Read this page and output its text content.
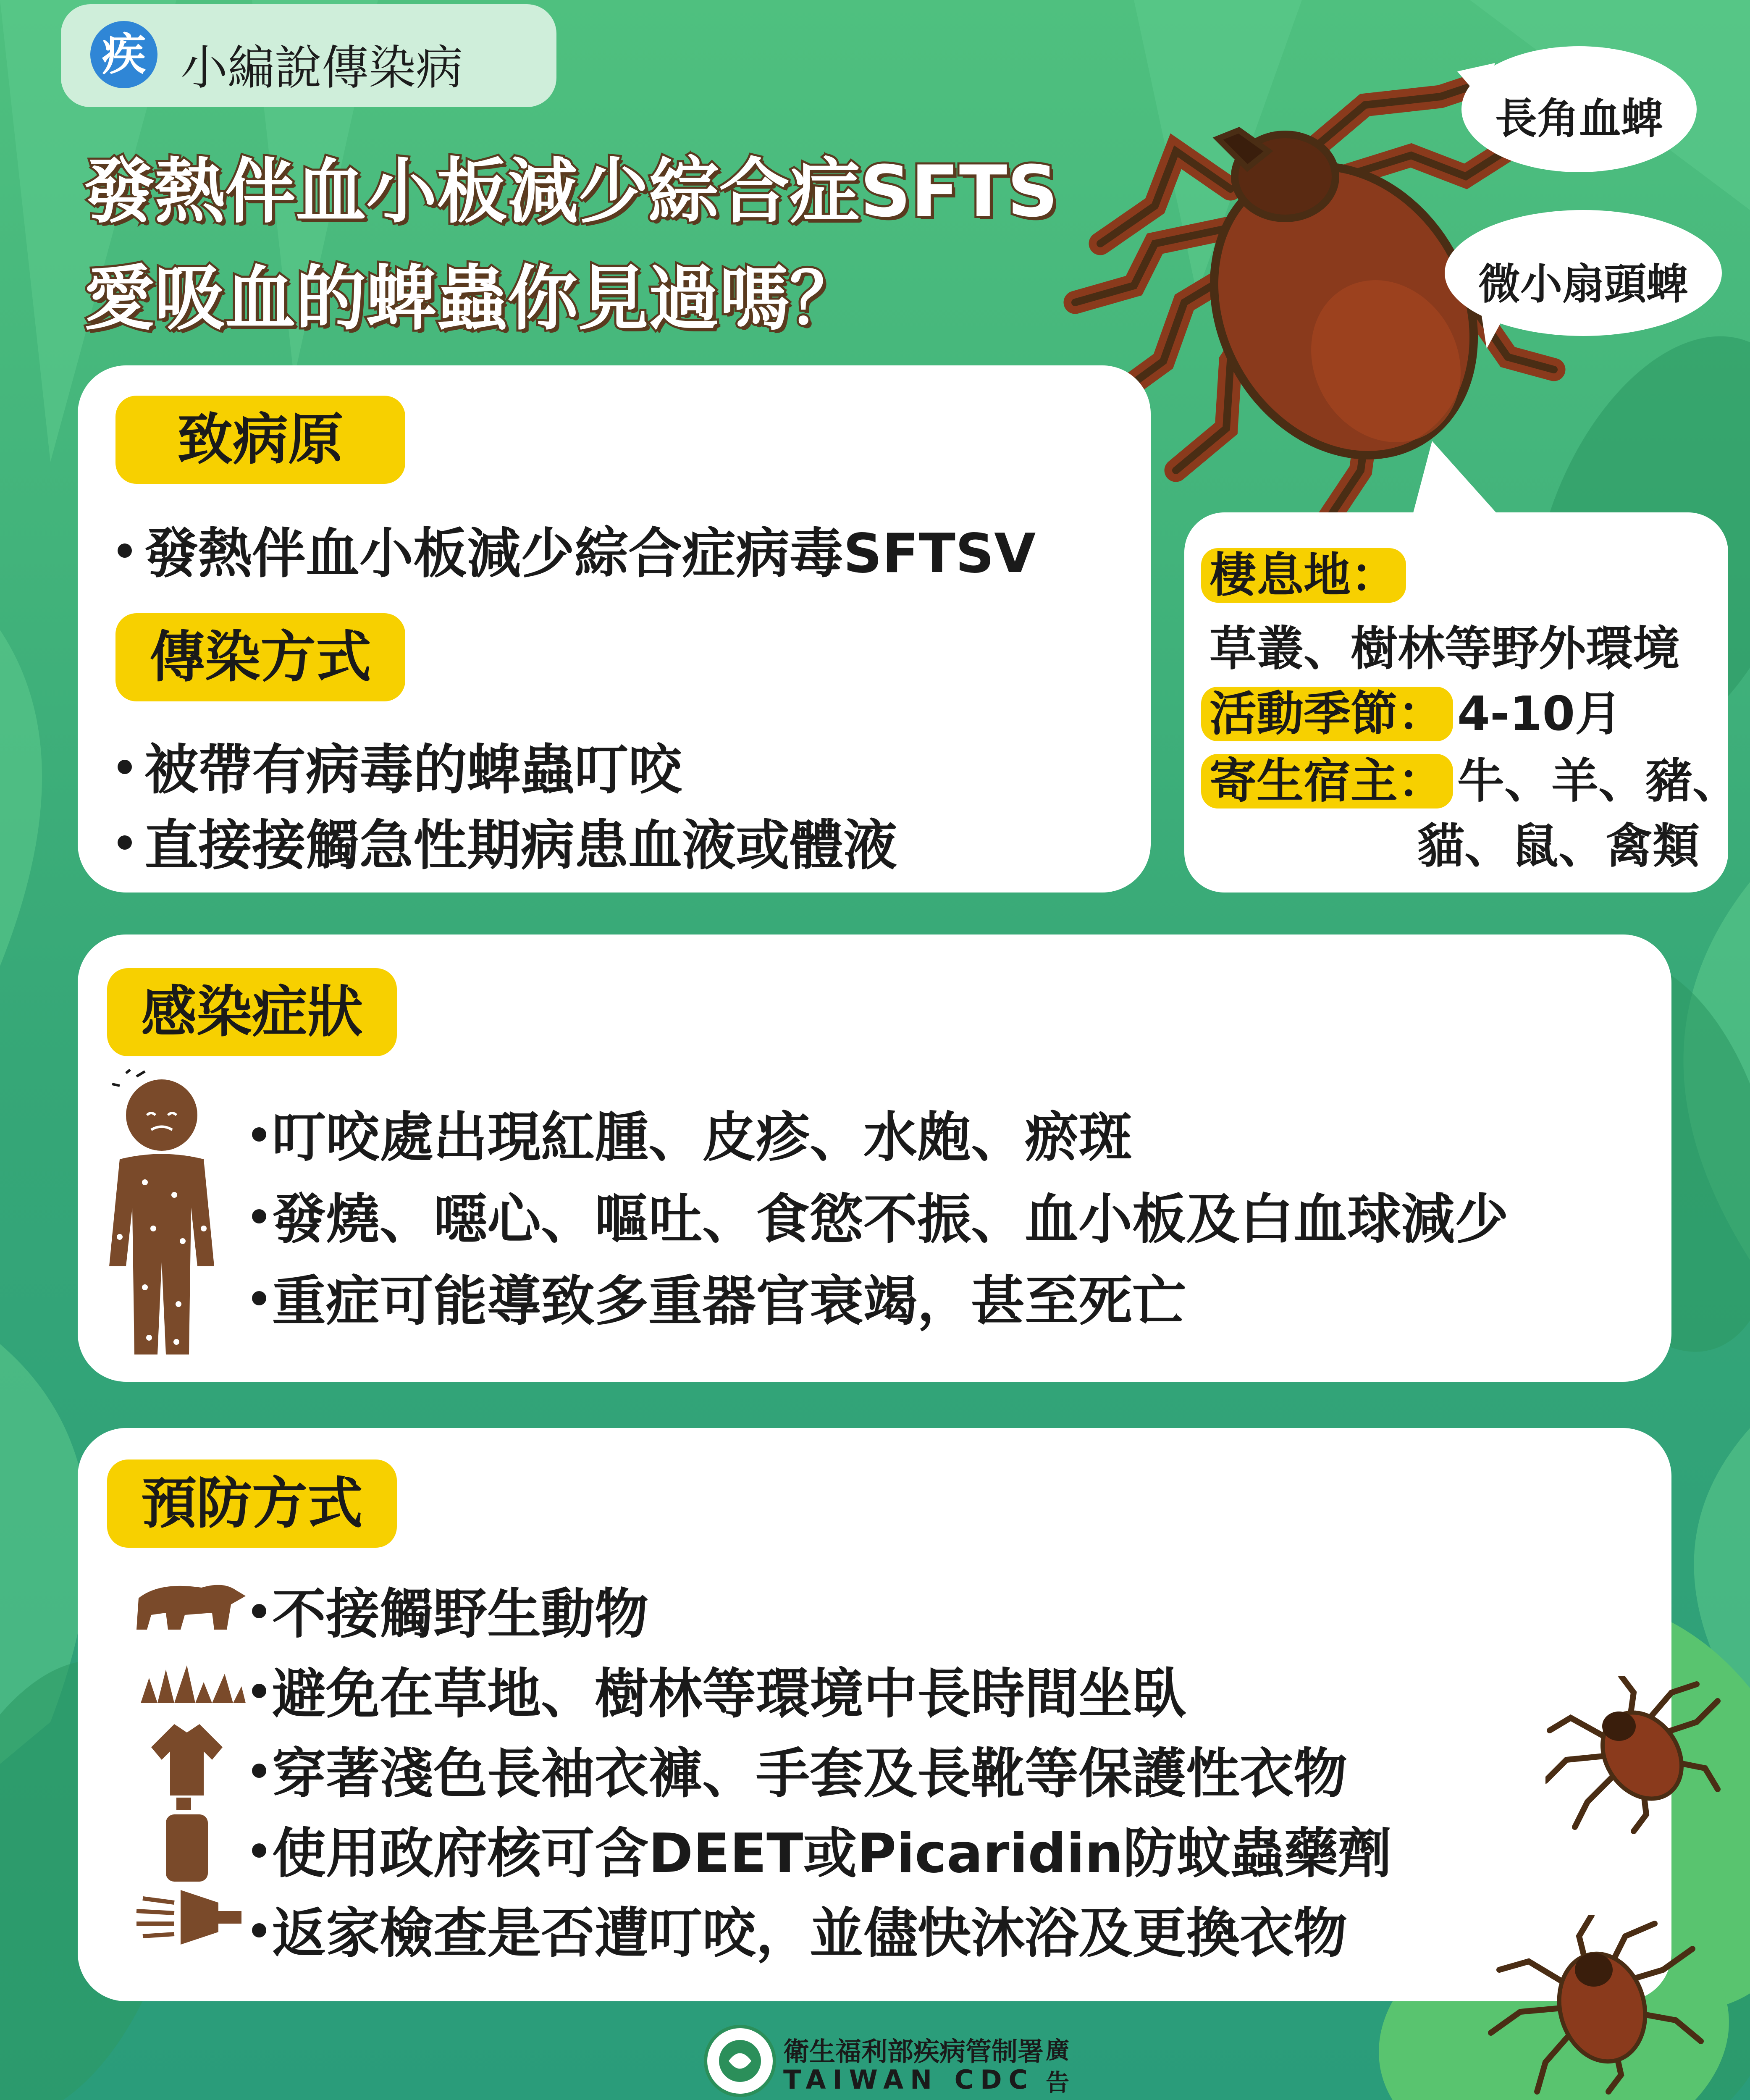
疾 小編說傳染病
發熱伴血小板減少綜合症SFTS
愛吸血的蜱蟲你見過嗎？
長角血蜱
微小扇頭蜱
致病原
發熱伴血小板減少綜合症病毒SFTSV
傳染方式
被帶有病毒的蜱蟲叮咬
直接接觸急性期病患血液或體液
棲息地：
草叢、樹林等野外環境
活動季節： 4-10月
寄生宿主： 牛、羊、豬、
貓、鼠、禽類
感染症狀
叮咬處出現紅腫、皮疹、水皰、瘀斑
發燒、噁心、嘔吐、食慾不振、血小板及白血球減少
重症可能導致多重器官衰竭，甚至死亡
預防方式
不接觸野生動物
避免在草地、樹林等環境中長時間坐臥
穿著淺色長袖衣褲、手套及長靴等保護性衣物
使用政府核可含DEET或Picaridin防蚊蟲藥劑
返家檢查是否遭叮咬，並儘快沐浴及更換衣物
衛生福利部疾病管制署
TAIWAN CDC
廣
告
